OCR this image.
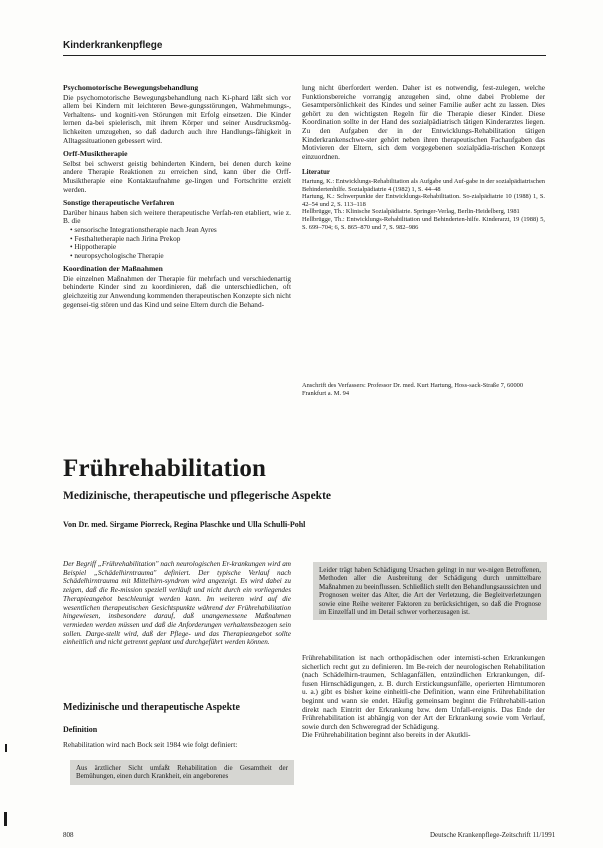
Kinderkrankenpflege

Psychomotorische Bewegungsbehandlung

Die psychomotorische Bewegungsbehandlung nach Ki-phard läßt sich vor allem bei Kindern mit leichteren Bewe-gungsstörungen, Wahrnehmungs-, Verhaltens- und kogniti-ven Störungen mit Erfolg einsetzen. Die Kinder lernen da-bei spielerisch, mit ihrem Körper und seiner Ausdrucksmög-lichkeiten umzugehen, so daß dadurch auch ihre Handlungs-fähigkeit in Alltagssituationen gebessert wird.

Orff-Musiktherapie

Selbst bei schwerst geistig behinderten Kindern, bei denen durch keine andere Therapie Reaktionen zu erreichen sind, kann über die Orff-Musiktherapie eine Kontaktaufnahme ge-lingen und Fortschritte erzielt werden.

Sonstige therapeutische Verfahren

Darüber hinaus haben sich weitere therapeutische Verfah-ren etabliert, wie z. B. die

• sensorische Integrationstherapie nach Jean Ayres
• Festhaltetherapie nach Jirina Prekop
• Hippotherapie
• neuropsychologische Therapie

Koordination der Maßnahmen

Die einzelnen Maßnahmen der Therapie für mehrfach und verschiedenartig behinderte Kinder sind zu koordinieren, daß die unterschiedlichen, oft gleichzeitig zur Anwendung kommenden therapeutischen Konzepte sich nicht gegensei-tig stören und das Kind und seine Eltern durch die Behand-

lung nicht überfordert werden. Daher ist es notwendig, fest-zulegen, welche Funktionsbereiche vorrangig anzugehen sind, ohne dabei Probleme der Gesamtpersönlichkeit des Kindes und seiner Familie außer acht zu lassen. Dies gehört zu den wichtigsten Regeln für die Therapie dieser Kinder. Diese Koordination sollte in der Hand des sozialpädiatrisch tätigen Kinderarztes liegen. Zu den Aufgaben der in der Entwicklungs-Rehabilitation tätigen Kinderkrankenschwe-ster gehört neben ihren therapeutischen Fachaufgaben das Motivieren der Eltern, sich dem vorgegebenen sozialpädia-trischen Konzept einzuordnen.

Literatur
Hartung, K.: Entwicklungs-Rehabilitation als Aufgabe und Auf-gabe in der sozialpädiatrischen Behindertenhilfe. Sozialpädiatrie 4 (1982) 1, S. 44–48
Hartung, K.: Schwerpunkte der Entwicklungs-Rehabilitation. So-zialpädiatrie 10 (1988) 1, S. 42–54 und 2, S. 113–118
Hellbrügge, Th.: Klinische Sozialpädiatrie. Springer-Verlag, Berlin-Heidelberg, 1981
Hellbrügge, Th.: Entwicklungs-Rehabilitation und Behinderten-hilfe. Kinderarzt, 19 (1988) 5, S. 699–704; 6, S. 865–870 und 7, S. 982–986
Anschrift des Verfassers: Professor Dr. med. Kurt Hartung, Hoss-sack-Straße 7, 60000 Frankfurt a. M. 94
Frührehabilitation
Medizinische, therapeutische und pflegerische Aspekte
Von Dr. med. Sirgame Piorreck, Regina Plaschke und Ulla Schulli-Pohl
Der Begriff „Frührehabilitation" nach neurologischen Er-krankungen wird am Beispiel „Schädelhirntrauma" definiert. Der typische Verlauf nach Schädelhirntrauma mit Mittelhirn-syndrom wird angezeigt. Es wird dabei zu zeigen, daß die Re-mission speziell verläuft und nicht durch ein vorliegendes Therapieangebot beschleunigt werden kann. Im weiteren wird auf die wesentlichen therapeutischen Gesichtspunkte während der Frührehabilitation hingewiesen, insbesondere darauf, daß unangemessene Maßnahmen vermieden werden müssen und daß die Anforderungen verhaltensbezogen sein sollen. Darge-stellt wird, daß der Pflege- und das Therapieangebot sollte einheitlich und nicht getrennt geplant und durchgeführt werden können.
Leider trägt haben Schädigung Ursachen gelingt in nur we-nigen Betroffenen, Methoden aller die Ausbreitung der Schädigung durch unmittelbare Maßnahmen zu beeinflussen. Schließlich stellt den Behandlungsaussichten und Prognosen weiter das Alter, die Art der Verletzung, die Begleitverletzungen sowie eine Reihe weiterer Faktoren zu berücksichtigen, so daß die Prognose im Einzelfall und im Detail schwer vorherzusagen ist.
Medizinische und therapeutische Aspekte
Definition
Rehabilitation wird nach Bock seit 1984 wie folgt definiert:
Aus ärztlicher Sicht umfaßt Rehabilitation die Gesamtheit der Bemühungen, einen durch Krankheit, ein angeborenes

Frührehabilitation ist nach orthopädischen oder internisti-schen Erkrankungen sicherlich recht gut zu definieren. Im Be-reich der neurologischen Rehabilitation (nach Schädelhirn-traumen, Schlaganfällen, entzündlichen Erkrankungen, dif-fusen Hirnschädigungen, z. B. durch Erstickungsunfälle, operierten Hirntumoren u. a.) gibt es bisher keine einheitli-che Definition, wann eine Frührehabilitation beginnt und wann sie endet. Häufig gemeinsam beginnt die Frührehabili-tation direkt nach Eintritt der Erkrankung bzw. dem Unfall-ereignis. Das Ende der Frührehabilitation ist abhängig von der Art der Erkrankung sowie vom Verlauf, sowie durch den Schweregrad der Schädigung.

Die Frührehabilitation beginnt also bereits in der Akutkli-

808	Deutsche Krankenpflege-Zeitschrift 11/1991
